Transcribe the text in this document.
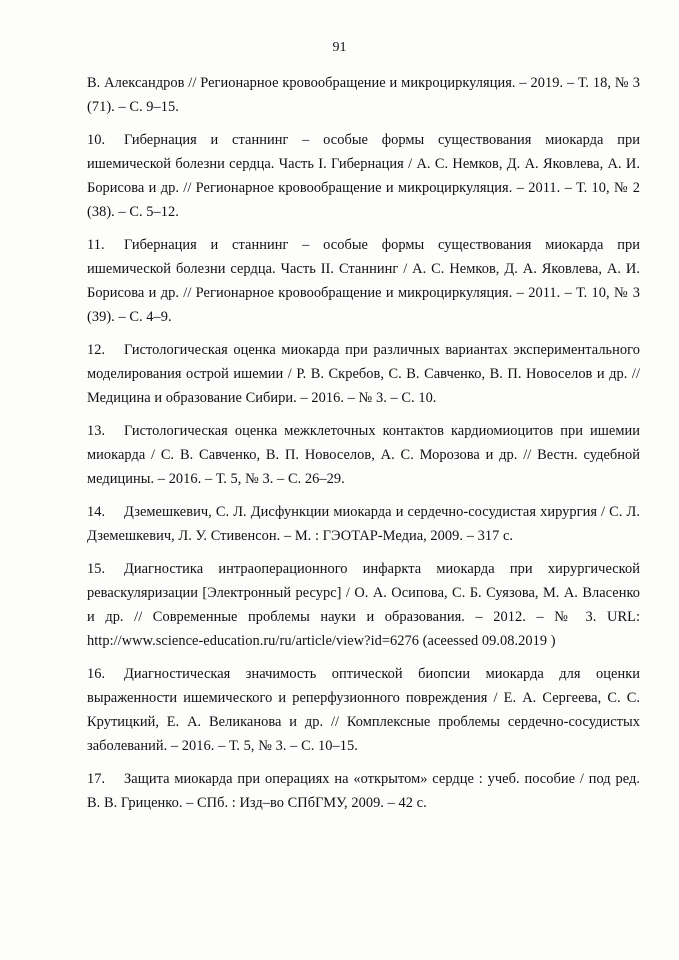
91

В. Александров // Регионарное кровообращение и микроциркуляция. – 2019. – Т. 18, № 3 (71). – С. 9–15.

10. Гибернация и станнинг – особые формы существования миокарда при ишемической болезни сердца. Часть I. Гибернация / А. С. Немков, Д. А. Яковлева, А. И. Борисова и др. // Регионарное кровообращение и микроциркуляция. – 2011. – Т. 10, № 2 (38). – С. 5–12.

11. Гибернация и станнинг – особые формы существования миокарда при ишемической болезни сердца. Часть II. Станнинг / А. С. Немков, Д. А. Яковлева, А. И. Борисова и др. // Регионарное кровообращение и микроциркуляция. – 2011. – Т. 10, № 3 (39). – С. 4–9.

12. Гистологическая оценка миокарда при различных вариантах экспериментального моделирования острой ишемии / Р. В. Скребов, С. В. Савченко, В. П. Новоселов и др. // Медицина и образование Сибири. – 2016. – № 3. – С. 10.

13. Гистологическая оценка межклеточных контактов кардиомиоцитов при ишемии миокарда / С. В. Савченко, В. П. Новоселов, А. С. Морозова и др. // Вестн. судебной медицины. – 2016. – Т. 5, № 3. – С. 26–29.

14. Дземешкевич, С. Л. Дисфункции миокарда и сердечно-сосудистая хирургия / С. Л. Дземешкевич, Л. У. Стивенсон. – М. : ГЭОТАР-Медиа, 2009. – 317 с.

15. Диагностика интраоперационного инфаркта миокарда при хирургической реваскуляризации [Электронный ресурс] / О. А. Осипова, С. Б. Суязова, М. А. Власенко и др. // Современные проблемы науки и образования. – 2012. – № 3. URL: http://www.science-education.ru/ru/article/view?id=6276 (aceessed 09.08.2019 )

16. Диагностическая значимость оптической биопсии миокарда для оценки выраженности ишемического и реперфузионного повреждения / Е. А. Сергеева, С. С. Крутицкий, Е. А. Великанова и др. // Комплексные проблемы сердечно-сосудистых заболеваний. – 2016. – Т. 5, № 3. – С. 10–15.

17. Защита миокарда при операциях на «открытом» сердце : учеб. пособие / под ред. В. В. Гриценко. – СПб. : Изд–во СПбГМУ, 2009. – 42 с.
